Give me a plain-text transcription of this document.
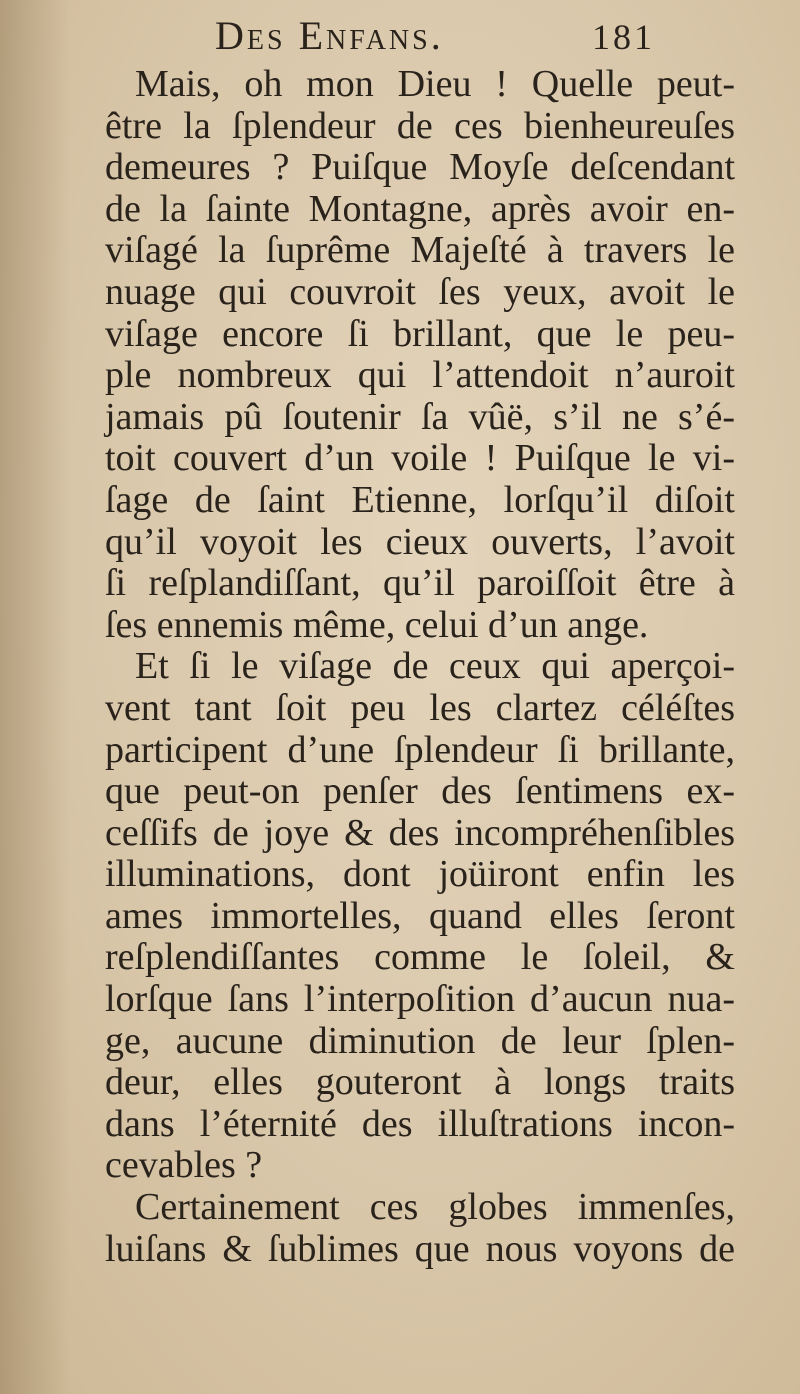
Des Enfans.	181
Mais, oh mon Dieu ! Quelle peut-
être la ſplendeur de ces bienheureuſes
demeures ? Puiſque Moyſe deſcendant
de la ſainte Montagne, après avoir en-
viſagé la ſuprême Majeſté à travers le
nuage qui couvroit ſes yeux, avoit le
viſage encore ſi brillant, que le peu-
ple nombreux qui l’attendoit n’auroit
jamais pû ſoutenir ſa vûë, s’il ne s’é-
toit couvert d’un voile ! Puiſque le vi-
ſage de ſaint Etienne, lorſqu’il diſoit
qu’il voyoit les cieux ouverts, l’avoit
ſi reſplandiſſant, qu’il paroiſſoit être à
ſes ennemis même, celui d’un ange.
Et ſi le viſage de ceux qui aperçoi-
vent tant ſoit peu les clartez céléſtes
participent d’une ſplendeur ſi brillante,
que peut-on penſer des ſentimens ex-
ceſſifs de joye & des incompréhenſibles
illuminations, dont joüiront enfin les
ames immortelles, quand elles ſeront
reſplendiſſantes comme le ſoleil, &
lorſque ſans l’interpoſition d’aucun nua-
ge, aucune diminution de leur ſplen-
deur, elles gouteront à longs traits
dans l’éternité des illuſtrations incon-
cevables ?
Certainement ces globes immenſes,
luiſans & ſublimes que nous voyons de
